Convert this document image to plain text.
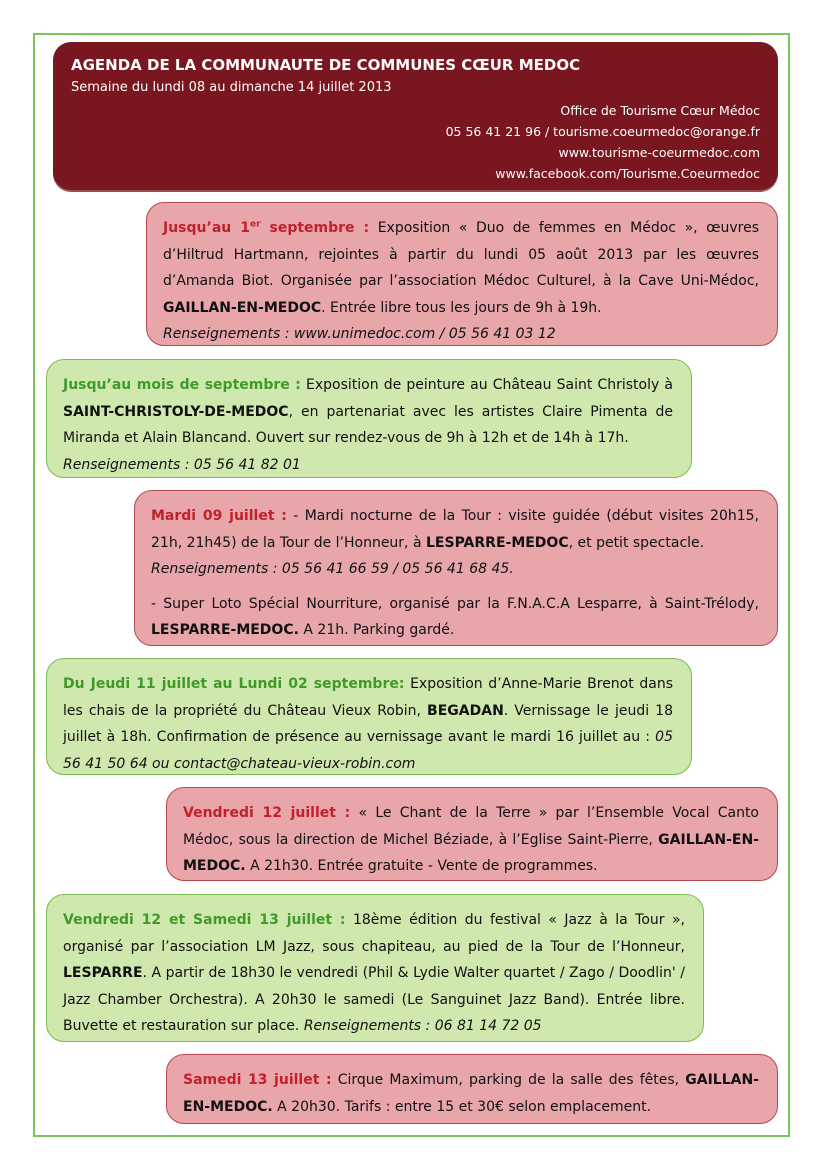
AGENDA DE LA COMMUNAUTE DE COMMUNES CŒUR MEDOC
Semaine du lundi 08 au dimanche 14 juillet 2013
Office de Tourisme Cœur Médoc
05 56 41 21 96 / tourisme.coeurmedoc@orange.fr
www.tourisme-coeurmedoc.com
www.facebook.com/Tourisme.Coeurmedoc

Jusqu’au 1er septembre : Exposition « Duo de femmes en Médoc », œuvres d’Hiltrud Hartmann, rejointes à partir du lundi 05 août 2013 par les œuvres d’Amanda Biot. Organisée par l’association Médoc Culturel, à la Cave Uni-Médoc, GAILLAN-EN-MEDOC. Entrée libre tous les jours de 9h à 19h.

Renseignements : www.unimedoc.com / 05 56 41 03 12

Jusqu’au mois de septembre : Exposition de peinture au Château Saint Christoly à SAINT-CHRISTOLY-DE-MEDOC, en partenariat avec les artistes Claire Pimenta de Miranda et Alain Blancand. Ouvert sur rendez-vous de 9h à 12h et de 14h à 17h.

Renseignements : 05 56 41 82 01

Mardi 09 juillet : - Mardi nocturne de la Tour : visite guidée (début visites 20h15, 21h, 21h45) de la Tour de l’Honneur, à LESPARRE-MEDOC, et petit spectacle.

Renseignements : 05 56 41 66 59 / 05 56 41 68 45.

- Super Loto Spécial Nourriture, organisé par la F.N.A.C.A Lesparre, à Saint-Trélody, LESPARRE-MEDOC. A 21h. Parking gardé.

Du Jeudi 11 juillet au Lundi 02 septembre: Exposition d’Anne-Marie Brenot dans les chais de la propriété du Château Vieux Robin, BEGADAN. Vernissage le jeudi 18 juillet à 18h. Confirmation de présence au vernissage avant le mardi 16 juillet au : 05 56 41 50 64 ou contact@chateau-vieux-robin.com

Vendredi 12 juillet : « Le Chant de la Terre » par l’Ensemble Vocal Canto Médoc, sous la direction de Michel Béziade, à l’Eglise Saint-Pierre, GAILLAN-EN-MEDOC. A 21h30. Entrée gratuite - Vente de programmes.

Vendredi 12 et Samedi 13 juillet : 18ème édition du festival « Jazz à la Tour », organisé par l’association LM Jazz, sous chapiteau, au pied de la Tour de l’Honneur, LESPARRE. A partir de 18h30 le vendredi (Phil & Lydie Walter quartet / Zago / Doodlin' / Jazz Chamber Orchestra). A 20h30 le samedi (Le Sanguinet Jazz Band). Entrée libre. Buvette et restauration sur place. Renseignements : 06 81 14 72 05

Samedi 13 juillet : Cirque Maximum, parking de la salle des fêtes, GAILLAN-EN-MEDOC. A 20h30. Tarifs : entre 15 et 30€ selon emplacement.
